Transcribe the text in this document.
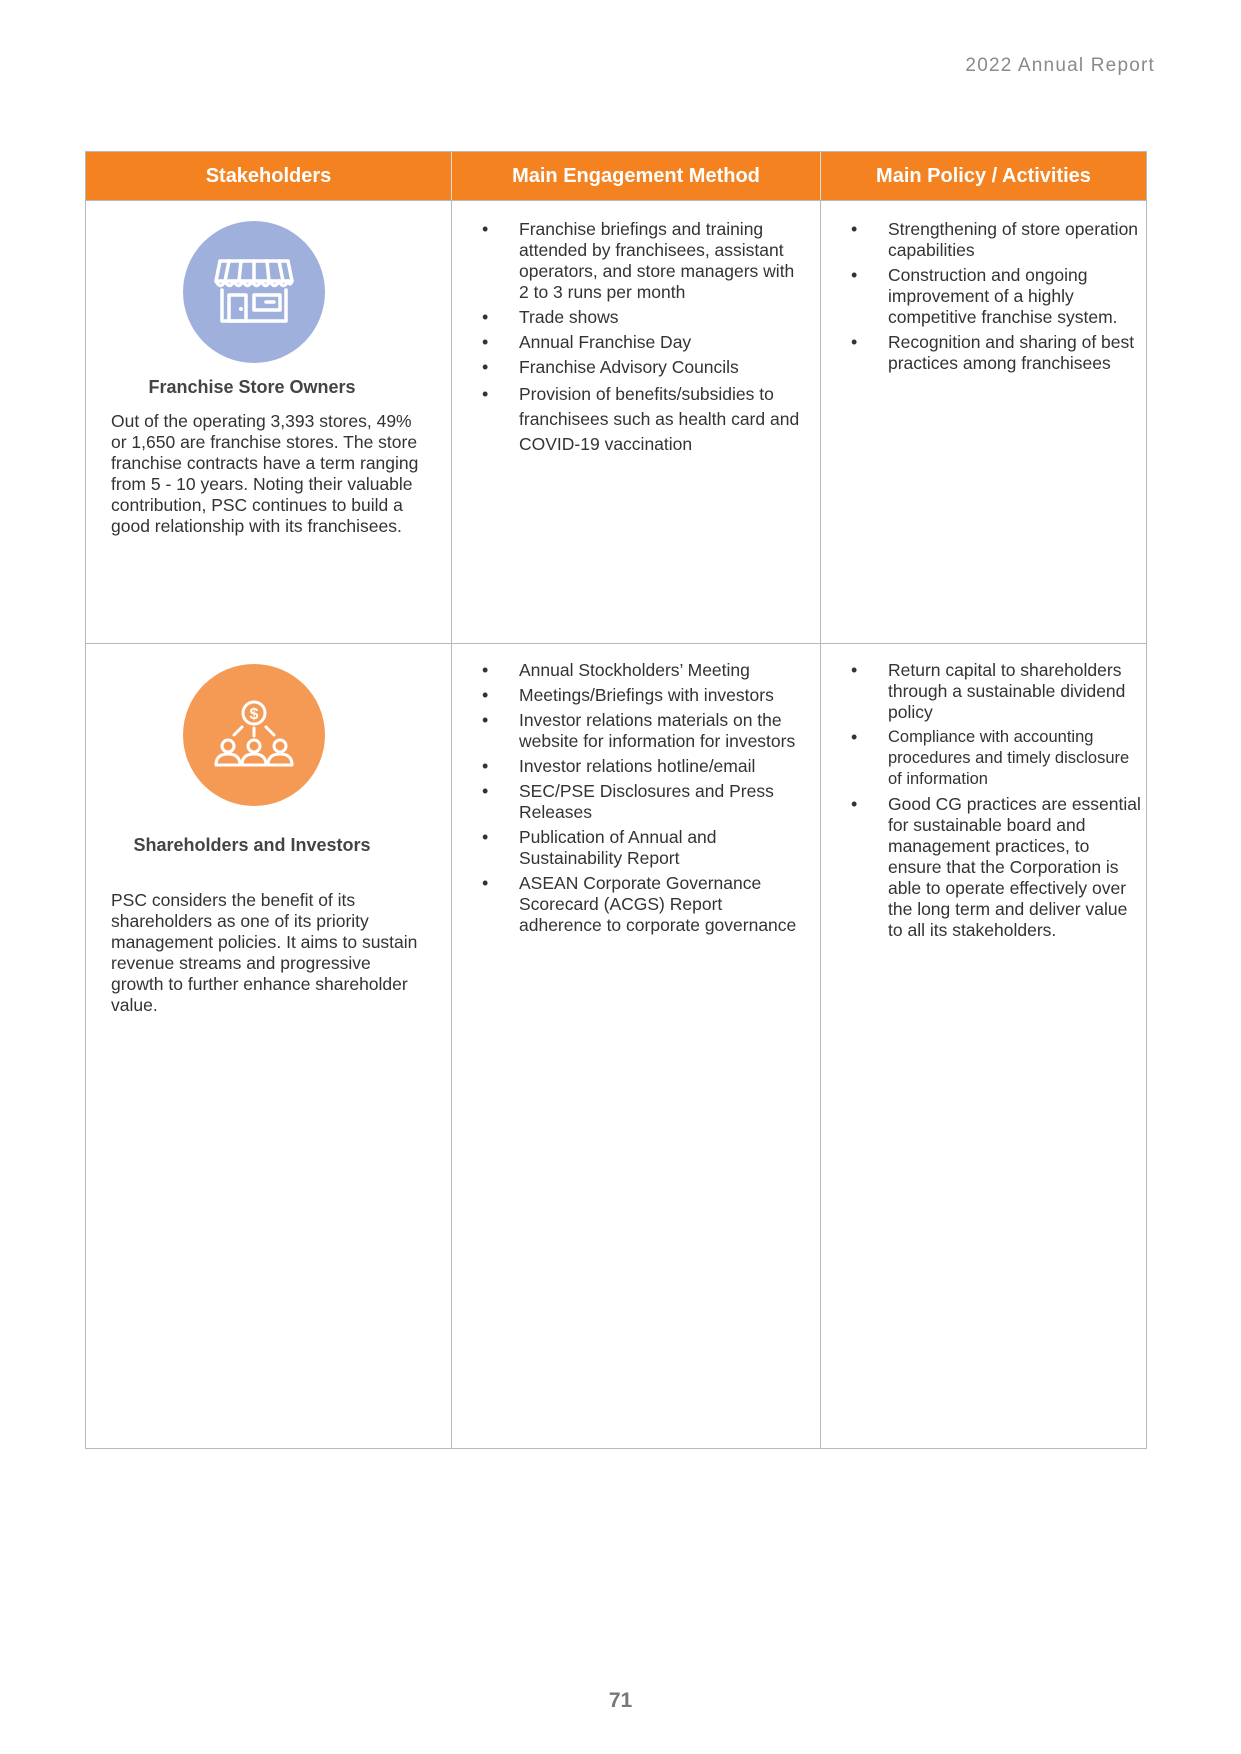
2022 Annual Report
Stakeholders	Main Engagement Method	Main Policy / Activities
Franchise Store Owners

Out of the operating 3,393 stores, 49% or 1,650 are franchise stores. The store franchise contracts have a term ranging from 5 - 10 years. Noting their valuable contribution, PSC continues to build a good relationship with its franchisees.

• Franchise briefings and training attended by franchisees, assistant operators, and store managers with 2 to 3 runs per month
• Trade shows
• Annual Franchise Day
• Franchise Advisory Councils
• Provision of benefits/subsidies to franchisees such as health card and COVID-19 vaccination
• Strengthening of store operation capabilities
• Construction and ongoing improvement of a highly competitive franchise system.
• Recognition and sharing of best practices among franchisees
$
Shareholders and Investors

PSC considers the benefit of its shareholders as one of its priority management policies. It aims to sustain revenue streams and progressive growth to further enhance shareholder value.

• Annual Stockholders’ Meeting
• Meetings/Briefings with investors
• Investor relations materials on the website for information for investors
• Investor relations hotline/email
• SEC/PSE Disclosures and Press Releases
• Publication of Annual and Sustainability Report
• ASEAN Corporate Governance Scorecard (ACGS) Report adherence to corporate governance
• Return capital to shareholders through a sustainable dividend policy
• Compliance with accounting procedures and timely disclosure of information
• Good CG practices are essential for sustainable board and management practices, to ensure that the Corporation is able to operate effectively over the long term and deliver value to all its stakeholders.
71
